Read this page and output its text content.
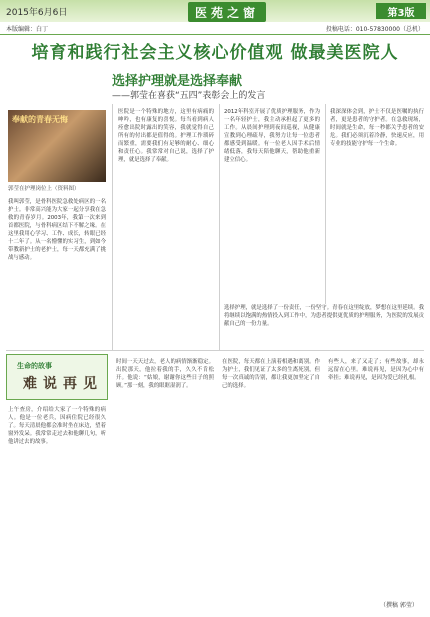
2015年6月6日	医苑之窗	第3版
本版编辑：白丁	投稿电话：010-57830000（总机）
培育和践行社会主义核心价值观 做最美医院人
选择护理就是选择奉献
——郭莹在喜获“五四”表彰会上的发言
奉献的青春无悔
郭莹在护理岗位上（资料图）
我叫郭莹，是骨科医院急救处病区的一名护士。非常高兴能为大家一起分享我在急救的青春岁月。2003年，我第一次来到首都医院，与骨科病区结下不解之缘。在这里我用心学习、工作、成长，转眼已经十二年了。从一名懵懂的实习生，到如今带教新护士的老护士，每一天都充满了挑战与感动。
医院是一个特殊的地方，这里有病痛的呻吟，也有康复的喜悦。每当看到病人痊愈出院时露出的笑容，我就觉得自己所有的付出都是值得的。护理工作琐碎而繁重，需要我们有足够的耐心、细心和责任心。我常常对自己说，选择了护理，就是选择了奉献。
2012年科室开展了优质护理服务，作为一名年轻护士，我主动承担起了更多的工作。从晨间护理到夜间巡视，从健康宣教到心理疏导，我努力让每一位患者都感受到温暖。有一位老人因手术后情绪低落，我每天陪他聊天，帮助他重新建立信心。
我深深体会到，护士不仅是医嘱的执行者，更是患者的守护者。在急救现场，时间就是生命，每一秒都关乎患者的安危。我们必须沉着冷静，快速反应，用专业的技能守护每一个生命。
选择护理，就是选择了一份责任，一份坚守。青春在这里绽放，梦想在这里延续。我将继续以饱满的热情投入到工作中，为患者提供更优质的护理服务，为医院的发展贡献自己的一份力量。
生命的故事
难说再见
上午查房，介绍给大家了一个特殊的病人。他是一位老兵，因病住院已经很久了。每天清晨他都会准时坐在床边，望着窗外发呆。我常常走过去和他聊几句，听他讲过去的故事。
时间一天天过去，老人的病情渐渐稳定。出院那天，他拉着我的手，久久不肯松开。他说：“姑娘，谢谢你这些日子的照顾。”那一刻，我的眼眶湿润了。
在医院，每天都在上演着相遇和离别。作为护士，我们见证了太多的生离死别，但每一次真诚的告别，都让我更加坚定了自己的选择。
有些人，来了又走了；有些故事，却永远留在心里。难说再见，是因为心中有牵挂；难说再见，是因为爱已经扎根。
（撰稿 郭莹）
